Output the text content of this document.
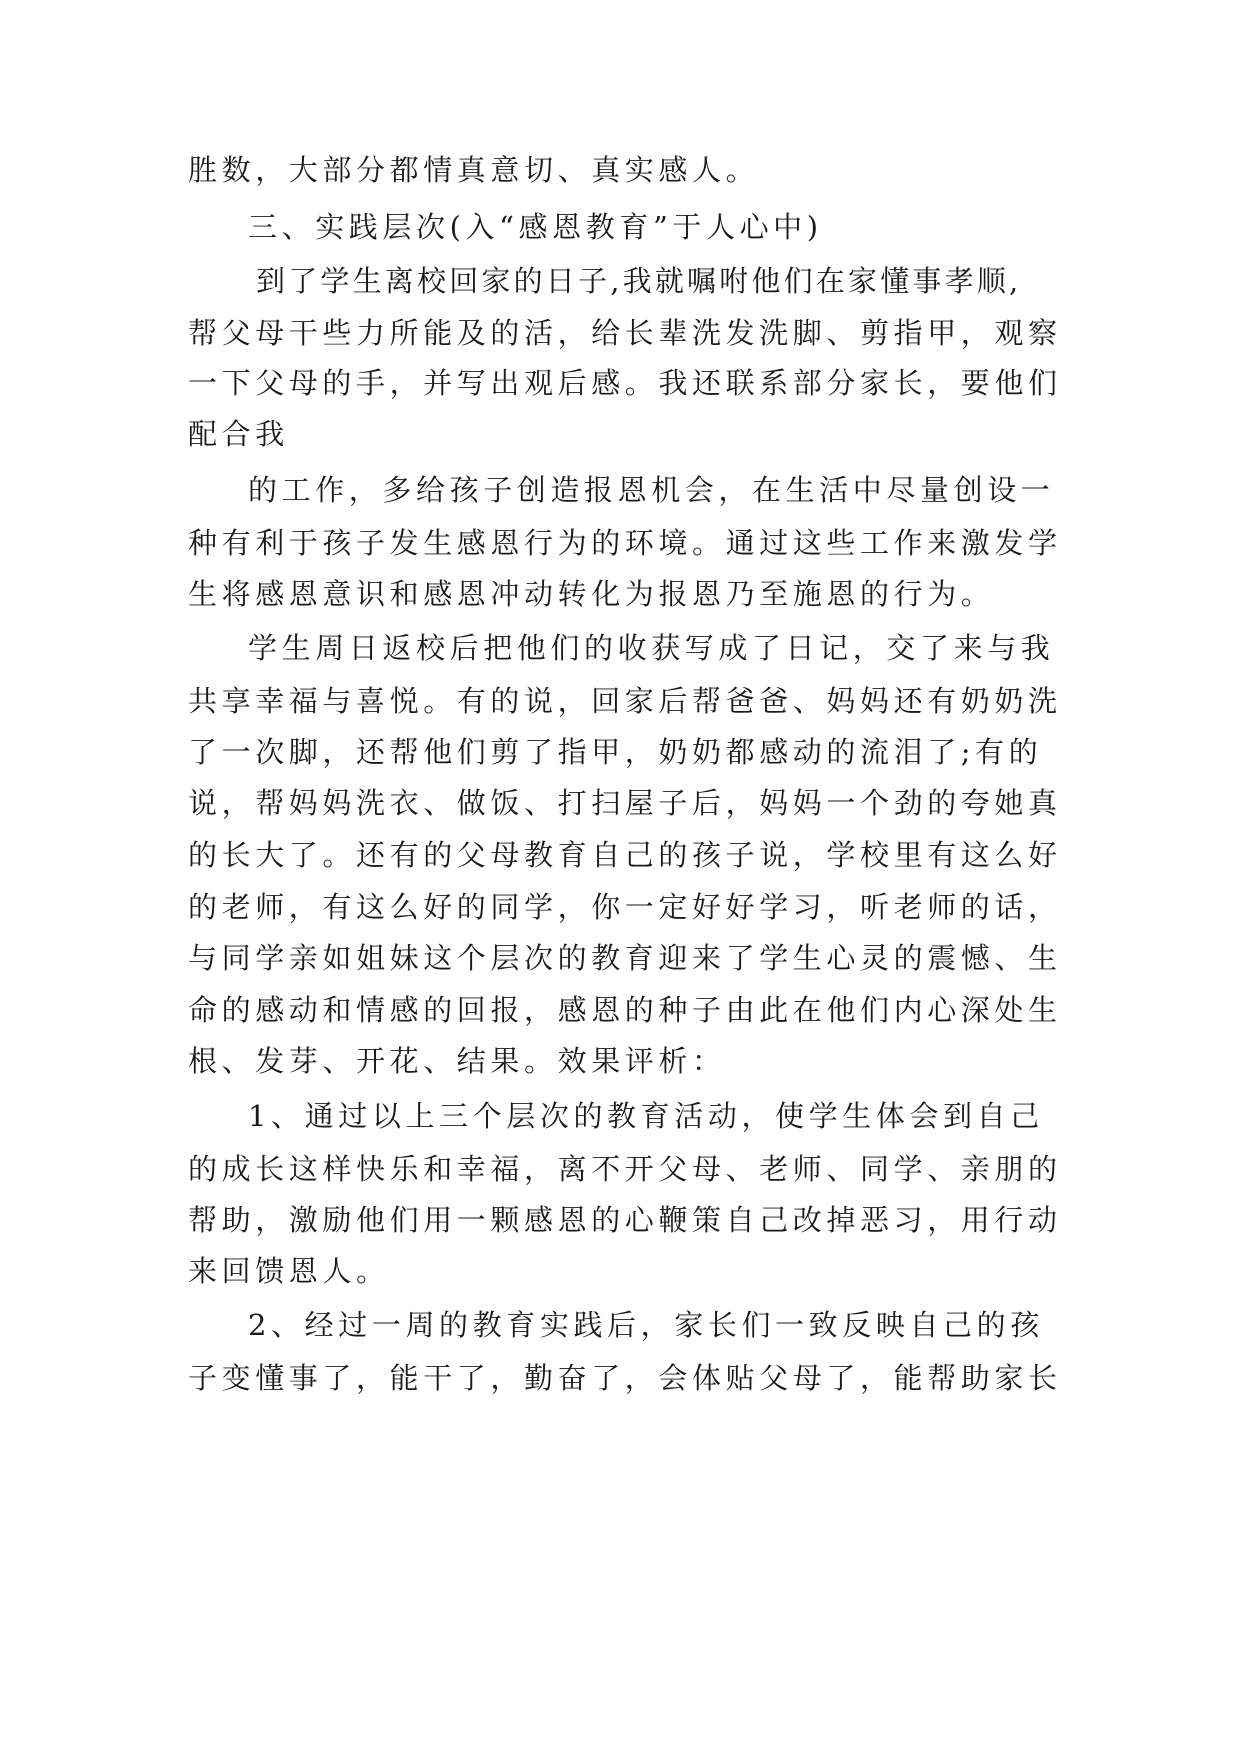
胜数，大部分都情真意切、真实感人。

三、实践层次(入“感恩教育”于人心中)

到了学生离校回家的日子,我就嘱咐他们在家懂事孝顺,

帮父母干些力所能及的活，给长辈洗发洗脚、剪指甲，观察

一下父母的手，并写出观后感。我还联系部分家长，要他们

配合我

的工作，多给孩子创造报恩机会，在生活中尽量创设一

种有利于孩子发生感恩行为的环境。通过这些工作来激发学

生将感恩意识和感恩冲动转化为报恩乃至施恩的行为。

学生周日返校后把他们的收获写成了日记，交了来与我

共享幸福与喜悦。有的说，回家后帮爸爸、妈妈还有奶奶洗

了一次脚，还帮他们剪了指甲，奶奶都感动的流泪了;有的

说，帮妈妈洗衣、做饭、打扫屋子后，妈妈一个劲的夸她真

的长大了。还有的父母教育自己的孩子说，学校里有这么好

的老师，有这么好的同学，你一定好好学习，听老师的话，

与同学亲如姐妹这个层次的教育迎来了学生心灵的震憾、生

命的感动和情感的回报，感恩的种子由此在他们内心深处生

根、发芽、开花、结果。效果评析：

1、通过以上三个层次的教育活动，使学生体会到自己

的成长这样快乐和幸福，离不开父母、老师、同学、亲朋的

帮助，激励他们用一颗感恩的心鞭策自己改掉恶习，用行动

来回馈恩人。

2、经过一周的教育实践后，家长们一致反映自己的孩

子变懂事了，能干了，勤奋了，会体贴父母了，能帮助家长
